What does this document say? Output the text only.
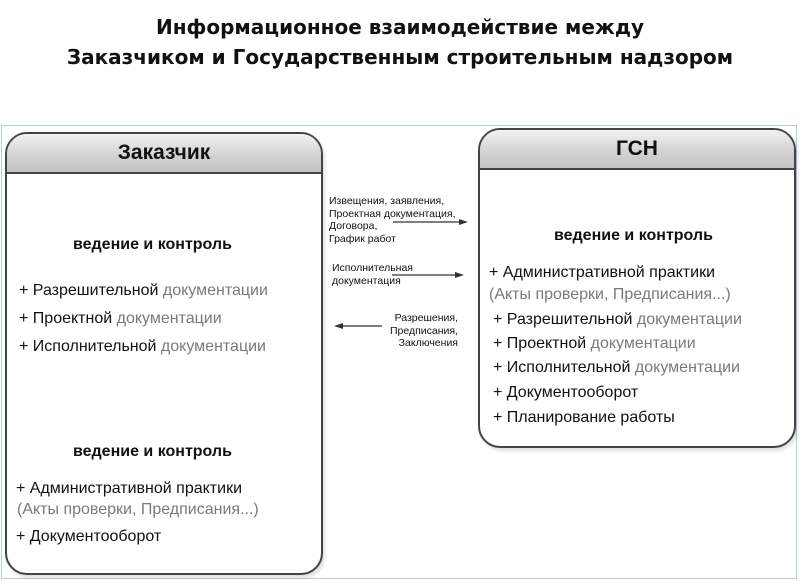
Информационное взаимодействие между
Заказчиком и Государственным строительным надзором
Заказчик
ведение и контроль
+ Разрешительной документации
+ Проектной документации
+ Исполнительной документации
ведение и контроль
+ Административной практики
(Акты проверки, Предписания...)
+ Документооборот
ГСН
ведение и контроль
+ Административной практики
(Акты проверки, Предписания...)
+ Разрешительной документации
+ Проектной документации
+ Исполнительной документации
+ Документооборот
+ Планирование работы
Извещения, заявления,
Проектная документация,
Договора,
График работ
Исполнительная
документация
Разрешения,
Предписания,
Заключения
